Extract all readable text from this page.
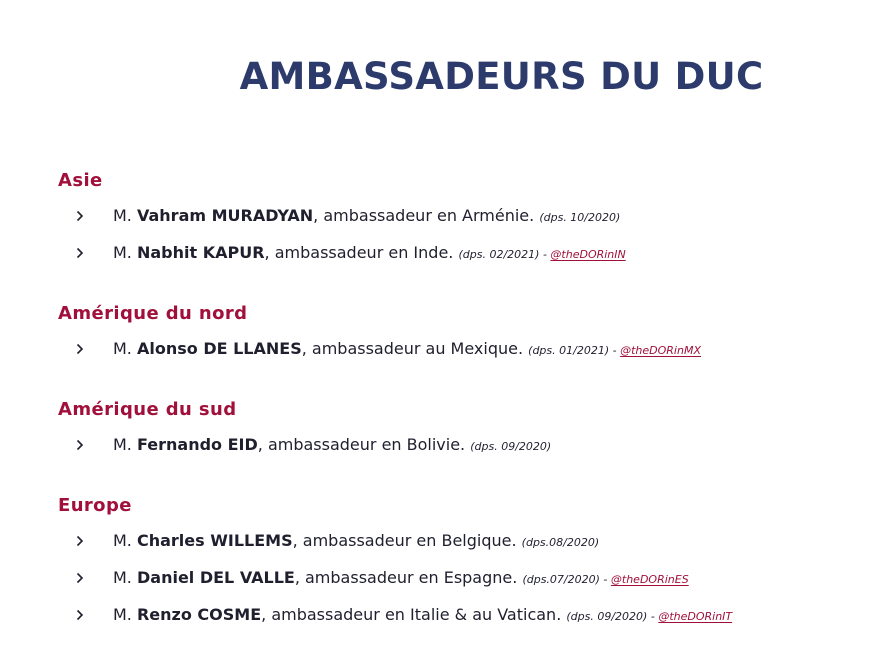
AMBASSADEURS DU DUC
Asie
M. Vahram MURADYAN, ambassadeur en Arménie. (dps. 10/2020)
M. Nabhit KAPUR, ambassadeur en Inde. (dps. 02/2021) - @theDORinIN
Amérique du nord
M. Alonso DE LLANES, ambassadeur au Mexique. (dps. 01/2021) - @theDORinMX
Amérique du sud
M. Fernando EID, ambassadeur en Bolivie. (dps. 09/2020)
Europe
M. Charles WILLEMS, ambassadeur en Belgique. (dps.08/2020)
M. Daniel DEL VALLE, ambassadeur en Espagne. (dps.07/2020) - @theDORinES
M. Renzo COSME, ambassadeur en Italie & au Vatican. (dps. 09/2020) - @theDORinIT
